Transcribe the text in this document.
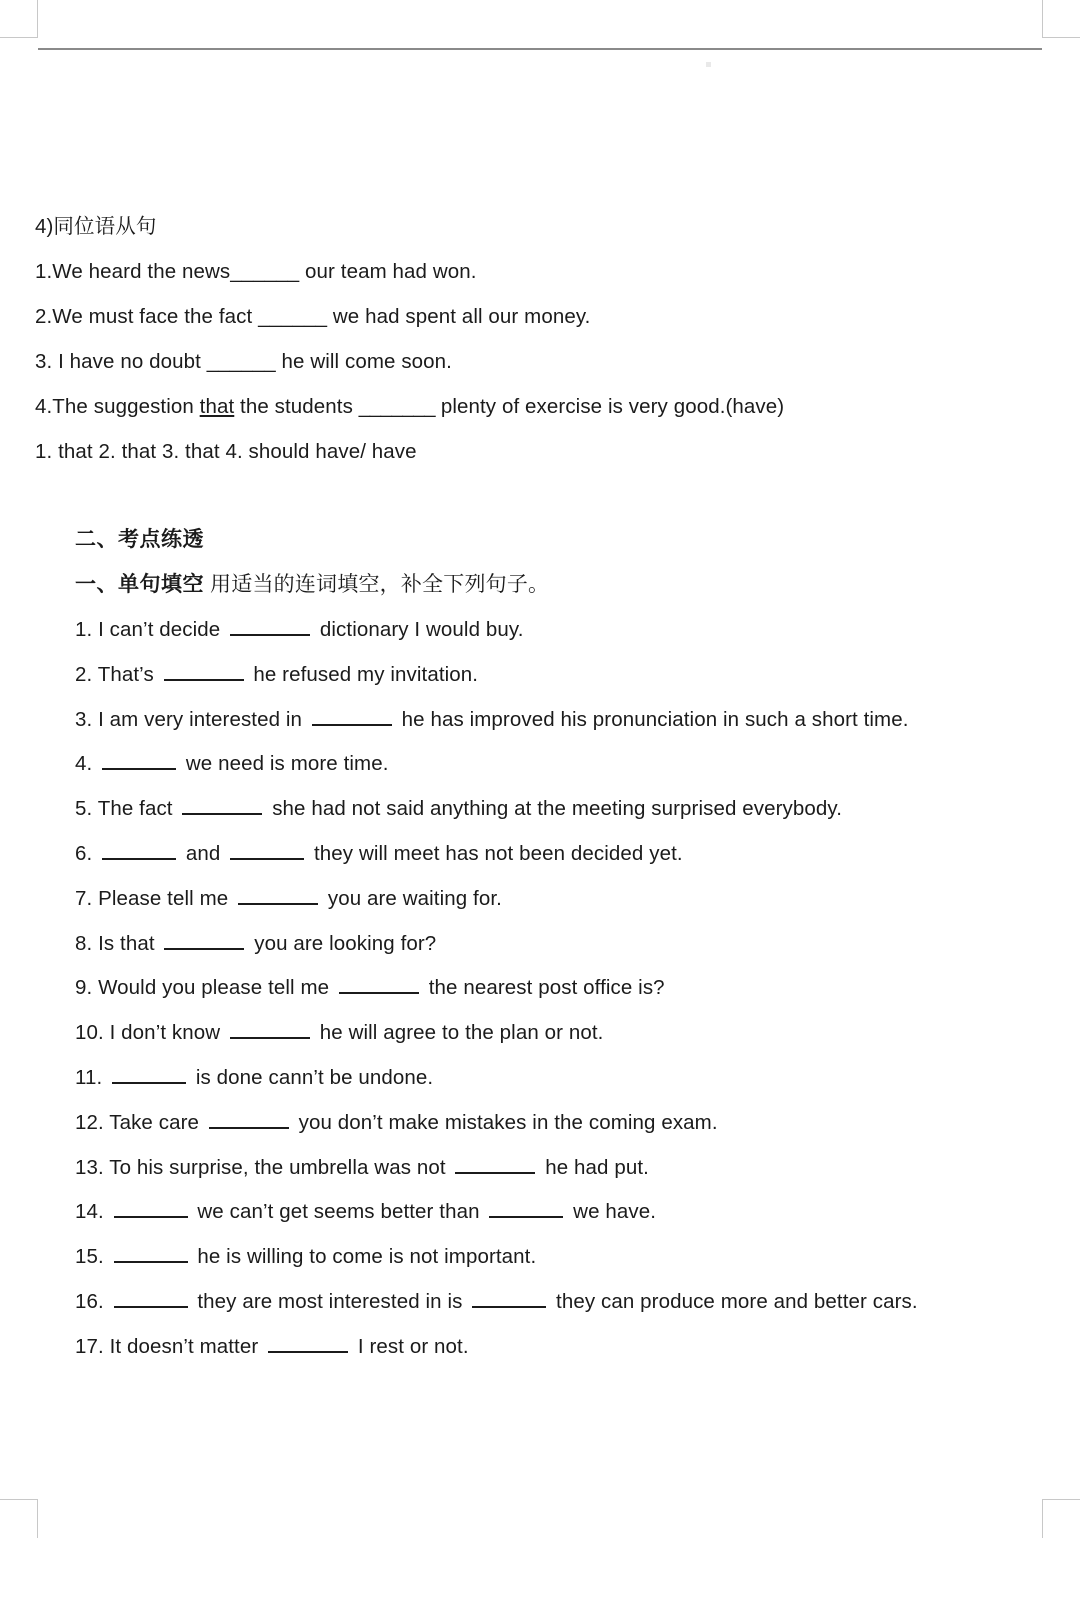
4)同位语从句
1.We heard the news______ our team had won.
2.We must face the fact ______ we had spent all our money.
3. I have no doubt ______ he will come soon.
4.The suggestion that the students _______ plenty of exercise is very good.(have)
1. that 2. that 3. that 4. should have/ have
二、考点练透
一、单句填空 用适当的连词填空，补全下列句子。
1. I can’t decide	dictionary I would buy.
2. That’s	he refused my invitation.
3. I am very interested in	he has improved his pronunciation in such a short time.
4.	we need is more time.
5. The fact	she had not said anything at the meeting surprised everybody.
6.	and	they will meet has not been decided yet.
7. Please tell me	you are waiting for.
8. Is that	you are looking for?
9. Would you please tell me	the nearest post office is?
10. I don’t know	he will agree to the plan or not.
11.	is done cann’t be undone.
12. Take care	you don’t make mistakes in the coming exam.
13. To his surprise, the umbrella was not	he had put.
14.	we can’t get seems better than	we have.
15.	he is willing to come is not important.
16.	they are most interested in is	they can produce more and better cars.
17. It doesn’t matter	I rest or not.
